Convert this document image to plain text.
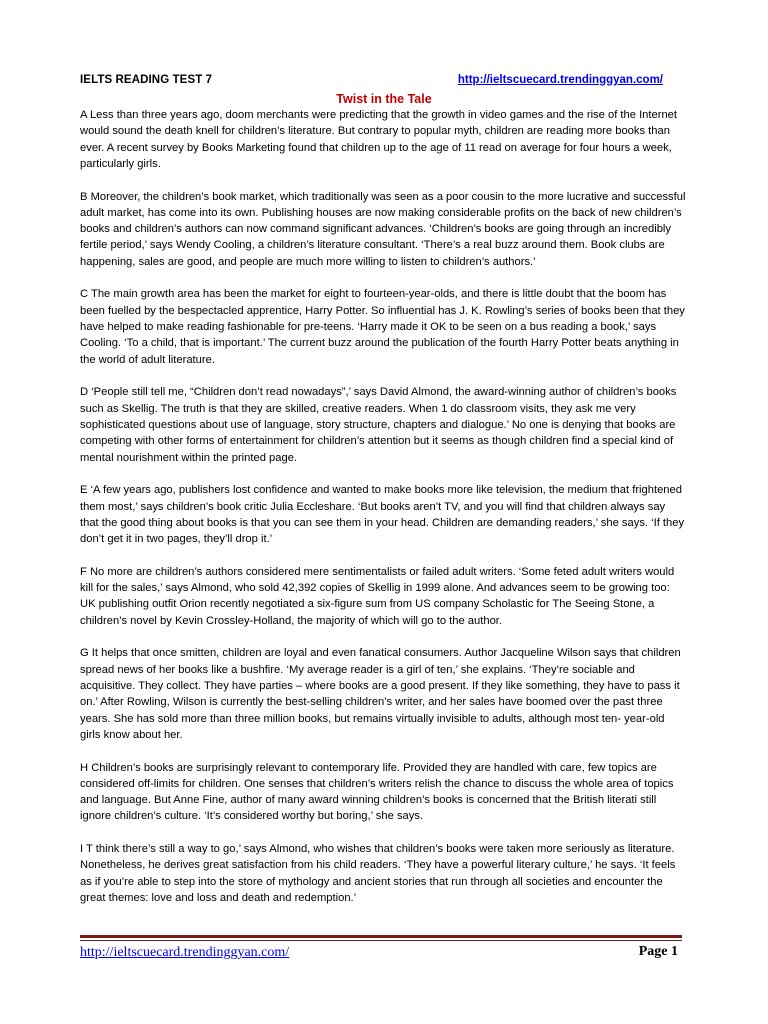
IELTS READING TEST 7	http://ieltscuecard.trendinggyan.com/
Twist in the Tale

A Less than three years ago, doom merchants were predicting that the growth in video games and the rise of the Internet would sound the death knell for children’s literature. But contrary to popular myth, children are reading more books than ever. A recent survey by Books Marketing found that children up to the age of 11 read on average for four hours a week, particularly girls.

B Moreover, the children’s book market, which traditionally was seen as a poor cousin to the more lucrative and successful adult market, has come into its own. Publishing houses are now making considerable profits on the back of new children’s books and children’s authors can now command significant advances. ‘Children’s books are going through an incredibly fertile period,’ says Wendy Cooling, a children’s literature consultant. ‘There’s a real buzz around them. Book clubs are happening, sales are good, and people are much more willing to listen to children’s authors.’

C The main growth area has been the market for eight to fourteen-year-olds, and there is little doubt that the boom has been fuelled by the bespectacled apprentice, Harry Potter. So influential has J. K. Rowling’s series of books been that they have helped to make reading fashionable for pre-teens. ‘Harry made it OK to be seen on a bus reading a book,’ says Cooling. ‘To a child, that is important.’ The current buzz around the publication of the fourth Harry Potter beats anything in the world of adult literature.

D ‘People still tell me, “Children don’t read nowadays”,’ says David Almond, the award-winning author of children’s books such as Skellig. The truth is that they are skilled, creative readers. When 1 do classroom visits, they ask me very sophisticated questions about use of language, story structure, chapters and dialogue.’ No one is denying that books are competing with other forms of entertainment for children’s attention but it seems as though children find a special kind of mental nourishment within the printed page.

E ‘A few years ago, publishers lost confidence and wanted to make books more like television, the medium that frightened them most,’ says children’s book critic Julia Eccleshare. ‘But books aren’t TV, and you will find that children always say that the good thing about books is that you can see them in your head. Children are demanding readers,’ she says. ‘If they don’t get it in two pages, they’ll drop it.’

F No more are children’s authors considered mere sentimentalists or failed adult writers. ‘Some feted adult writers would kill for the sales,’ says Almond, who sold 42,392 copies of Skellig in 1999 alone. And advances seem to be growing too: UK publishing outfit Orion recently negotiated a six-figure sum from US company Scholastic for The Seeing Stone, a children’s novel by Kevin Crossley-Holland, the majority of which will go to the author.

G It helps that once smitten, children are loyal and even fanatical consumers. Author Jacqueline Wilson says that children spread news of her books like a bushfire. ‘My average reader is a girl of ten,’ she explains. ‘They’re sociable and acquisitive. They collect. They have parties – where books are a good present. If they like something, they have to pass it on.’ After Rowling, Wilson is currently the best-selling children’s writer, and her sales have boomed over the past three years. She has sold more than three million books, but remains virtually invisible to adults, although most ten- year-old girls know about her.

H Children’s books are surprisingly relevant to contemporary life. Provided they are handled with care, few topics are considered off-limits for children. One senses that children’s writers relish the chance to discuss the whole area of topics and language. But Anne Fine, author of many award winning children’s books is concerned that the British literati still ignore children’s culture. ‘It’s considered worthy but boring,’ she says.

I T think there’s still a way to go,’ says Almond, who wishes that children’s books were taken more seriously as literature. Nonetheless, he derives great satisfaction from his child readers. ‘They have a powerful literary culture,’ he says. ‘It feels as if you’re able to step into the store of mythology and ancient stories that run through all societies and encounter the great themes: love and loss and death and redemption.’

http://ieltscuecard.trendinggyan.com/	Page 1
